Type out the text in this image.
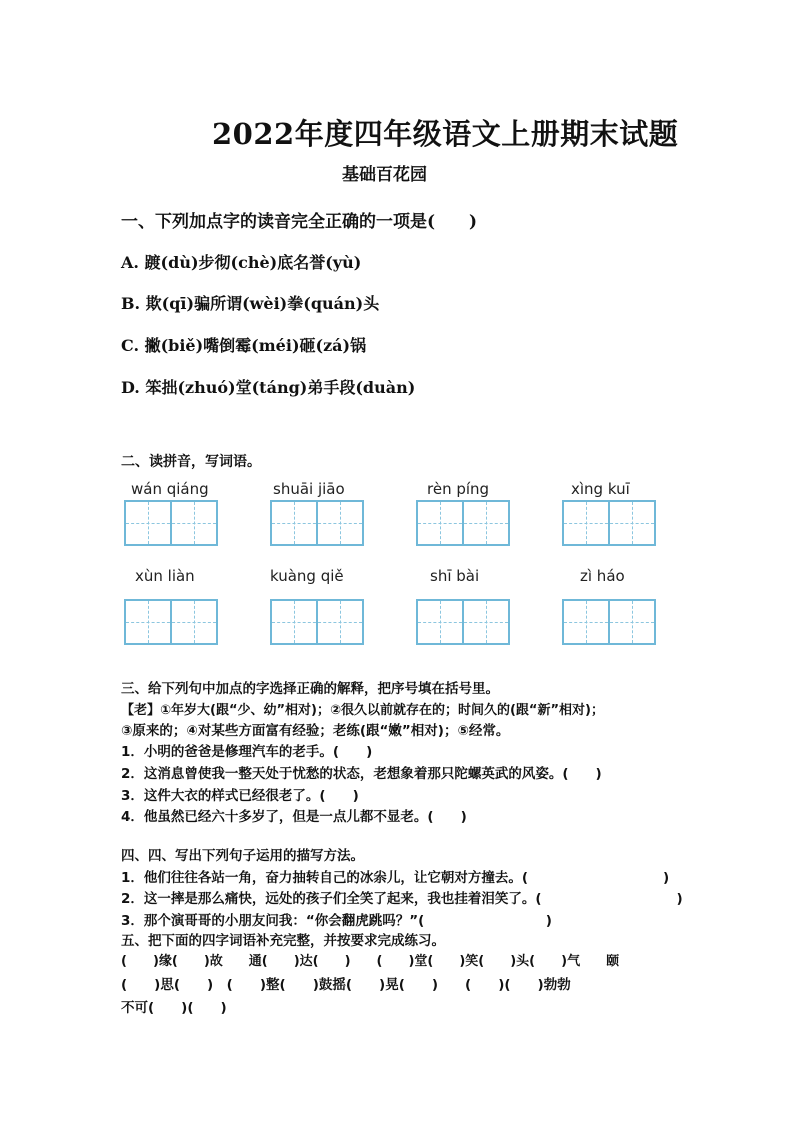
2022年度四年级语文上册期末试题
基础百花园
一、下列加点字的读音完全正确的一项是(　　)
A. 踱(dù)步彻(chè)底名誉(yù)
B. 欺(qī)骗所谓(wèi)拳(quán)头
C. 撇(biě)嘴倒霉(méi)砸(zá)锅
D. 笨拙(zhuó)堂(táng)弟手段(duàn)
二、读拼音，写词语。
wán qiáng	shuāi jiāo	rèn píng	xìng kuī
xùn liàn	kuàng qiě	shī bài	zì háo
三、给下列句中加点的字选择正确的解释，把序号填在括号里。
【老】①年岁大(跟“少、幼”相对)；②很久以前就存在的；时间久的(跟“新”相对)；
③原来的；④对某些方面富有经验；老练(跟“嫩”相对)；⑤经常。
1．小明的爸爸是修理汽车的老手。(　　)
2．这消息曾使我一整天处于忧愁的状态，老想象着那只陀螺英武的风姿。(　　)
3．这件大衣的样式已经很老了。(　　)
4．他虽然已经六十多岁了，但是一点儿都不显老。(　　)
四、四、写出下列句子运用的描写方法。
1．他们往往各站一角，奋力抽转自己的冰尜儿，让它朝对方撞去。(　　　　　　　　　　)
2．这一摔是那么痛快，远处的孩子们全笑了起来，我也挂着泪笑了。(　　　　　　　　　　)
3．那个演哥哥的小朋友问我：“你会翻虎跳吗？”(　　　　　　　　　)
五、把下面的四字词语补充完整，并按要求完成练习。
(　　)缘(　　)故　　通(　　)达(　　)　　(　　)堂(　　)笑(　　)头(　　)气　　颐
(　　)思(　　)　(　　)整(　　)鼓摇(　　)晃(　　)　　(　　)(　　)勃勃
不可(　　)(　　)
